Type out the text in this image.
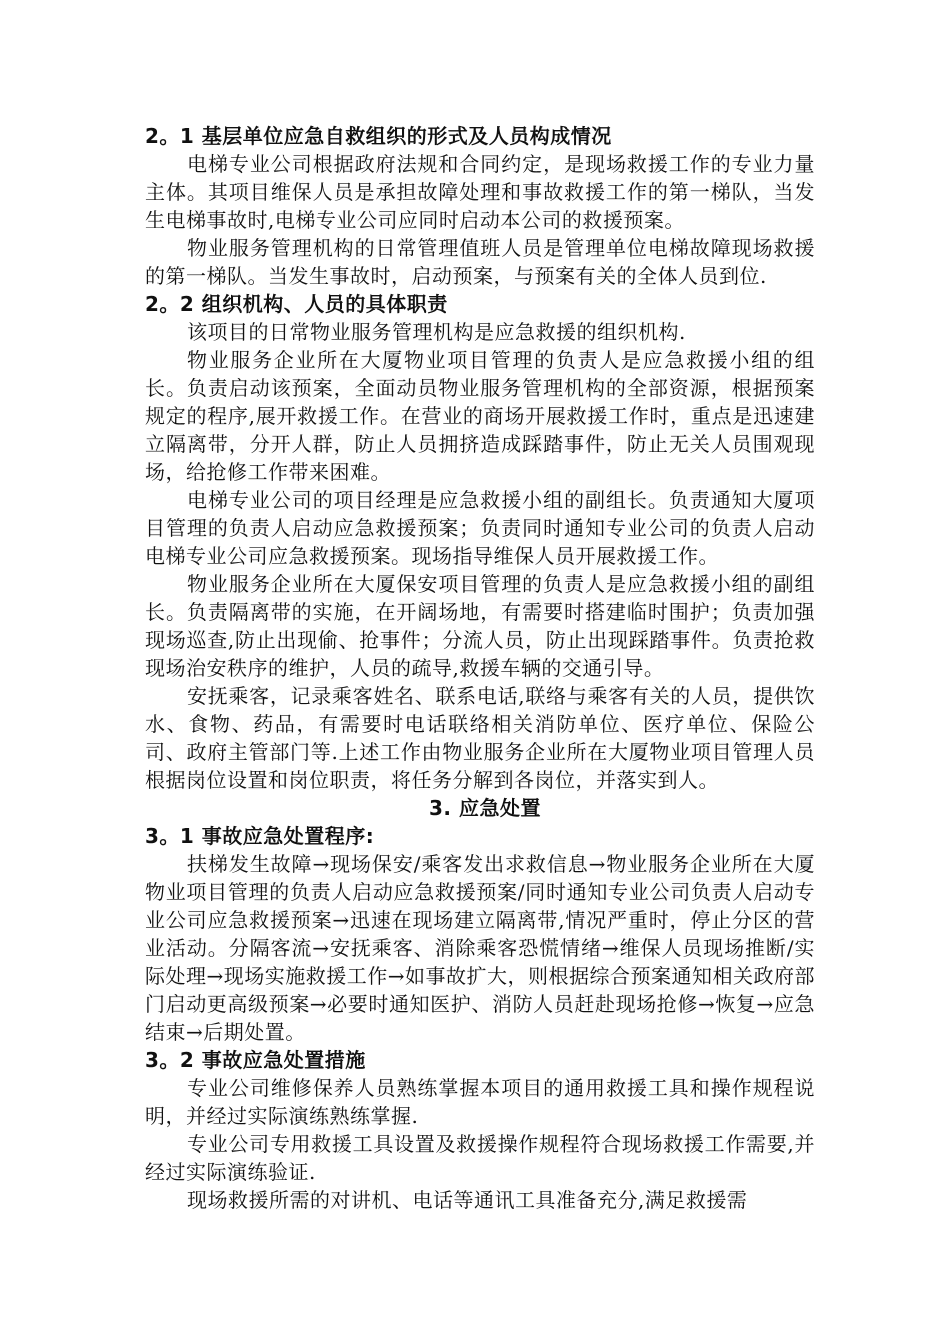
2。1 基层单位应急自救组织的形式及人员构成情况
电梯专业公司根据政府法规和合同约定，是现场救援工作的专业力量主体。其项目维保人员是承担故障处理和事故救援工作的第一梯队，当发生电梯事故时,电梯专业公司应同时启动本公司的救援预案。
物业服务管理机构的日常管理值班人员是管理单位电梯故障现场救援的第一梯队。当发生事故时，启动预案，与预案有关的全体人员到位.
2。2 组织机构、人员的具体职责
该项目的日常物业服务管理机构是应急救援的组织机构.
物业服务企业所在大厦物业项目管理的负责人是应急救援小组的组长。负责启动该预案，全面动员物业服务管理机构的全部资源，根据预案规定的程序,展开救援工作。在营业的商场开展救援工作时，重点是迅速建立隔离带，分开人群，防止人员拥挤造成踩踏事件，防止无关人员围观现场，给抢修工作带来困难。
电梯专业公司的项目经理是应急救援小组的副组长。负责通知大厦项目管理的负责人启动应急救援预案；负责同时通知专业公司的负责人启动电梯专业公司应急救援预案。现场指导维保人员开展救援工作。
物业服务企业所在大厦保安项目管理的负责人是应急救援小组的副组长。负责隔离带的实施，在开阔场地，有需要时搭建临时围护；负责加强现场巡查,防止出现偷、抢事件；分流人员，防止出现踩踏事件。负责抢救现场治安秩序的维护，人员的疏导,救援车辆的交通引导。
安抚乘客，记录乘客姓名、联系电话,联络与乘客有关的人员，提供饮水、食物、药品，有需要时电话联络相关消防单位、医疗单位、保险公司、政府主管部门等.上述工作由物业服务企业所在大厦物业项目管理人员根据岗位设置和岗位职责，将任务分解到各岗位，并落实到人。
3. 应急处置
3。1 事故应急处置程序:
扶梯发生故障→现场保安/乘客发出求救信息→物业服务企业所在大厦物业项目管理的负责人启动应急救援预案/同时通知专业公司负责人启动专业公司应急救援预案→迅速在现场建立隔离带,情况严重时，停止分区的营业活动。分隔客流→安抚乘客、消除乘客恐慌情绪→维保人员现场推断/实际处理→现场实施救援工作→如事故扩大，则根据综合预案通知相关政府部门启动更高级预案→必要时通知医护、消防人员赶赴现场抢修→恢复→应急结束→后期处置。
3。2 事故应急处置措施
专业公司维修保养人员熟练掌握本项目的通用救援工具和操作规程说明，并经过实际演练熟练掌握.
专业公司专用救援工具设置及救援操作规程符合现场救援工作需要,并经过实际演练验证.
现场救援所需的对讲机、电话等通讯工具准备充分,满足救援需
